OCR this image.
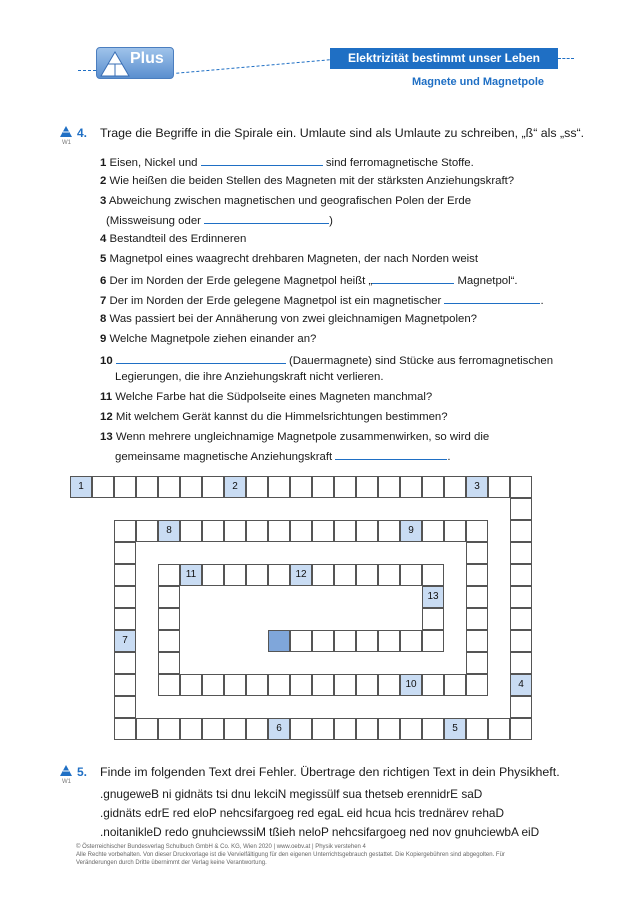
Plus	Elektrizität bestimmt unser Leben
Magnete und Magnetpole
W1
4. Trage die Begriffe in die Spirale ein. Umlaute sind als Umlaute zu schreiben, „ß“ als „ss“.
1 Eisen, Nickel und	sind ferromagnetische Stoffe.
2 Wie heißen die beiden Stellen des Magneten mit der stärksten Anziehungskraft?
3 Abweichung zwischen magnetischen und geografischen Polen der Erde
(Missweisung oder	)
4 Bestandteil des Erdinneren
5 Magnetpol eines waagrecht drehbaren Magneten, der nach Norden weist
6 Der im Norden der Erde gelegene Magnetpol heißt „	Magnetpol“.
7 Der im Norden der Erde gelegene Magnetpol ist ein magnetischer	.
8 Was passiert bei der Annäherung von zwei gleichnamigen Magnetpolen?
9 Welche Magnetpole ziehen einander an?
10	(Dauermagnete) sind Stücke aus ferromagnetischen
Legierungen, die ihre Anziehungskraft nicht verlieren.
11 Welche Farbe hat die Südpolseite eines Magneten manchmal?
12 Mit welchem Gerät kannst du die Himmelsrichtungen bestimmen?
13 Wenn mehrere ungleichnamige Magnetpole zusammenwirken, so wird die
gemeinsame magnetische Anziehungskraft	.
1	2	3
4
6	5
7
8	9
10
11	12
13
W1
5. Finde im folgenden Text drei Fehler. Übertrage den richtigen Text in dein Physikheft.
.gnugeweB ni gidnäts tsi dnu lekciN megissülf sua thetseb erennidrE saD
.gidnäts edrE red eloP nehcsifargoeg red egaL eid hcua hcis trednärev rehaD
.noitaniklеD redo gnuhciewssiM tßieh neloP nehcsifargoeg ned nov gnuhciewbA eiD
© Österreichischer Bundesverlag Schulbuch GmbH & Co. KG, Wien 2020 | www.oebv.at | Physik verstehen 4
Alle Rechte vorbehalten. Von dieser Druckvorlage ist die Vervielfältigung für den eigenen Unterrichtsgebrauch gestattet. Die Kopiergebühren sind abgegolten. Für
Veränderungen durch Dritte übernimmt der Verlag keine Verantwortung.
